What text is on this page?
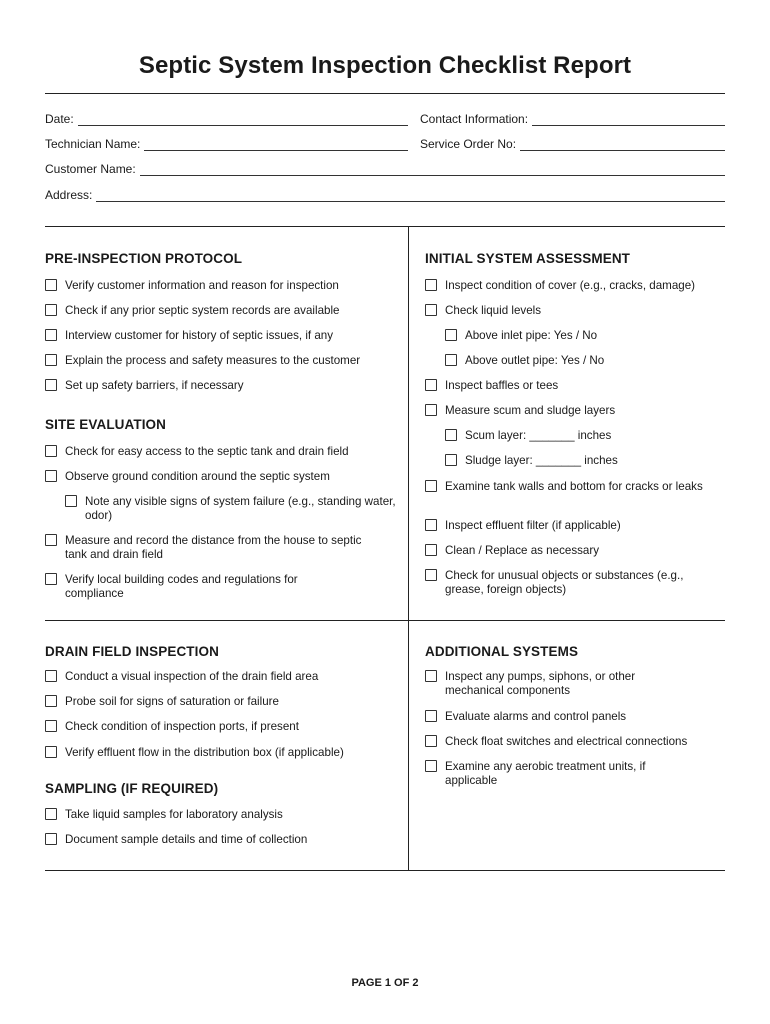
Septic System Inspection Checklist Report
Date:	Contact Information:
Technician Name:	Service Order No:
Customer Name:
Address:
PRE-INSPECTION PROTOCOL
Verify customer information and reason for inspection
Check if any prior septic system records are available
Interview customer for history of septic issues, if any
Explain the process and safety measures to the customer
Set up safety barriers, if necessary
SITE EVALUATION
Check for easy access to the septic tank and drain field
Observe ground condition around the septic system
Note any visible signs of system failure (e.g., standing water, odor)
Measure and record the distance from the house to septic tank and drain field
Verify local building codes and regulations for compliance
INITIAL SYSTEM ASSESSMENT
Inspect condition of cover (e.g., cracks, damage)
Check liquid levels
Above inlet pipe: Yes / No
Above outlet pipe: Yes / No
Inspect baffles or tees
Measure scum and sludge layers
Scum layer: _______ inches
Sludge layer: _______ inches
Examine tank walls and bottom for cracks or leaks
Inspect effluent filter (if applicable)
Clean / Replace as necessary
Check for unusual objects or substances (e.g., grease, foreign objects)
DRAIN FIELD INSPECTION
Conduct a visual inspection of the drain field area
Probe soil for signs of saturation or failure
Check condition of inspection ports, if present
Verify effluent flow in the distribution box (if applicable)
SAMPLING (IF REQUIRED)
Take liquid samples for laboratory analysis
Document sample details and time of collection
ADDITIONAL SYSTEMS
Inspect any pumps, siphons, or other mechanical components
Evaluate alarms and control panels
Check float switches and electrical connections
Examine any aerobic treatment units, if applicable
PAGE 1 OF 2
